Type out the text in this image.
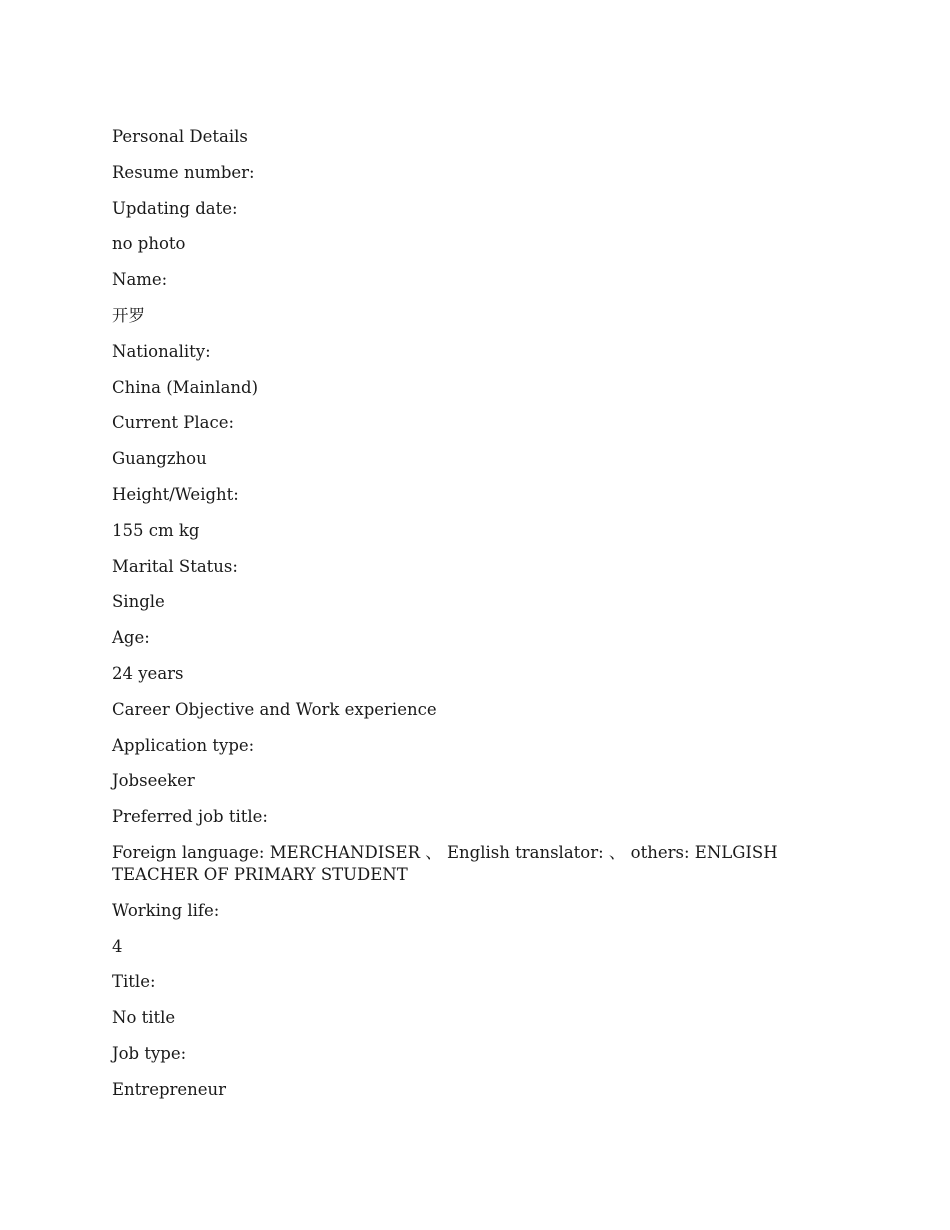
Personal Details

Resume number:

Updating date:

no photo

Name:

开罗

Nationality:

China (Mainland)

Current Place:

Guangzhou

Height/Weight:

155 cm kg

Marital Status:

Single

Age:

24 years

Career Objective and Work experience

Application type:

Jobseeker

Preferred job title:

Foreign language: MERCHANDISER 、 English translator: 、 others: ENLGISH TEACHER OF PRIMARY STUDENT

Working life:

4

Title:

No title

Job type:

Entrepreneur
